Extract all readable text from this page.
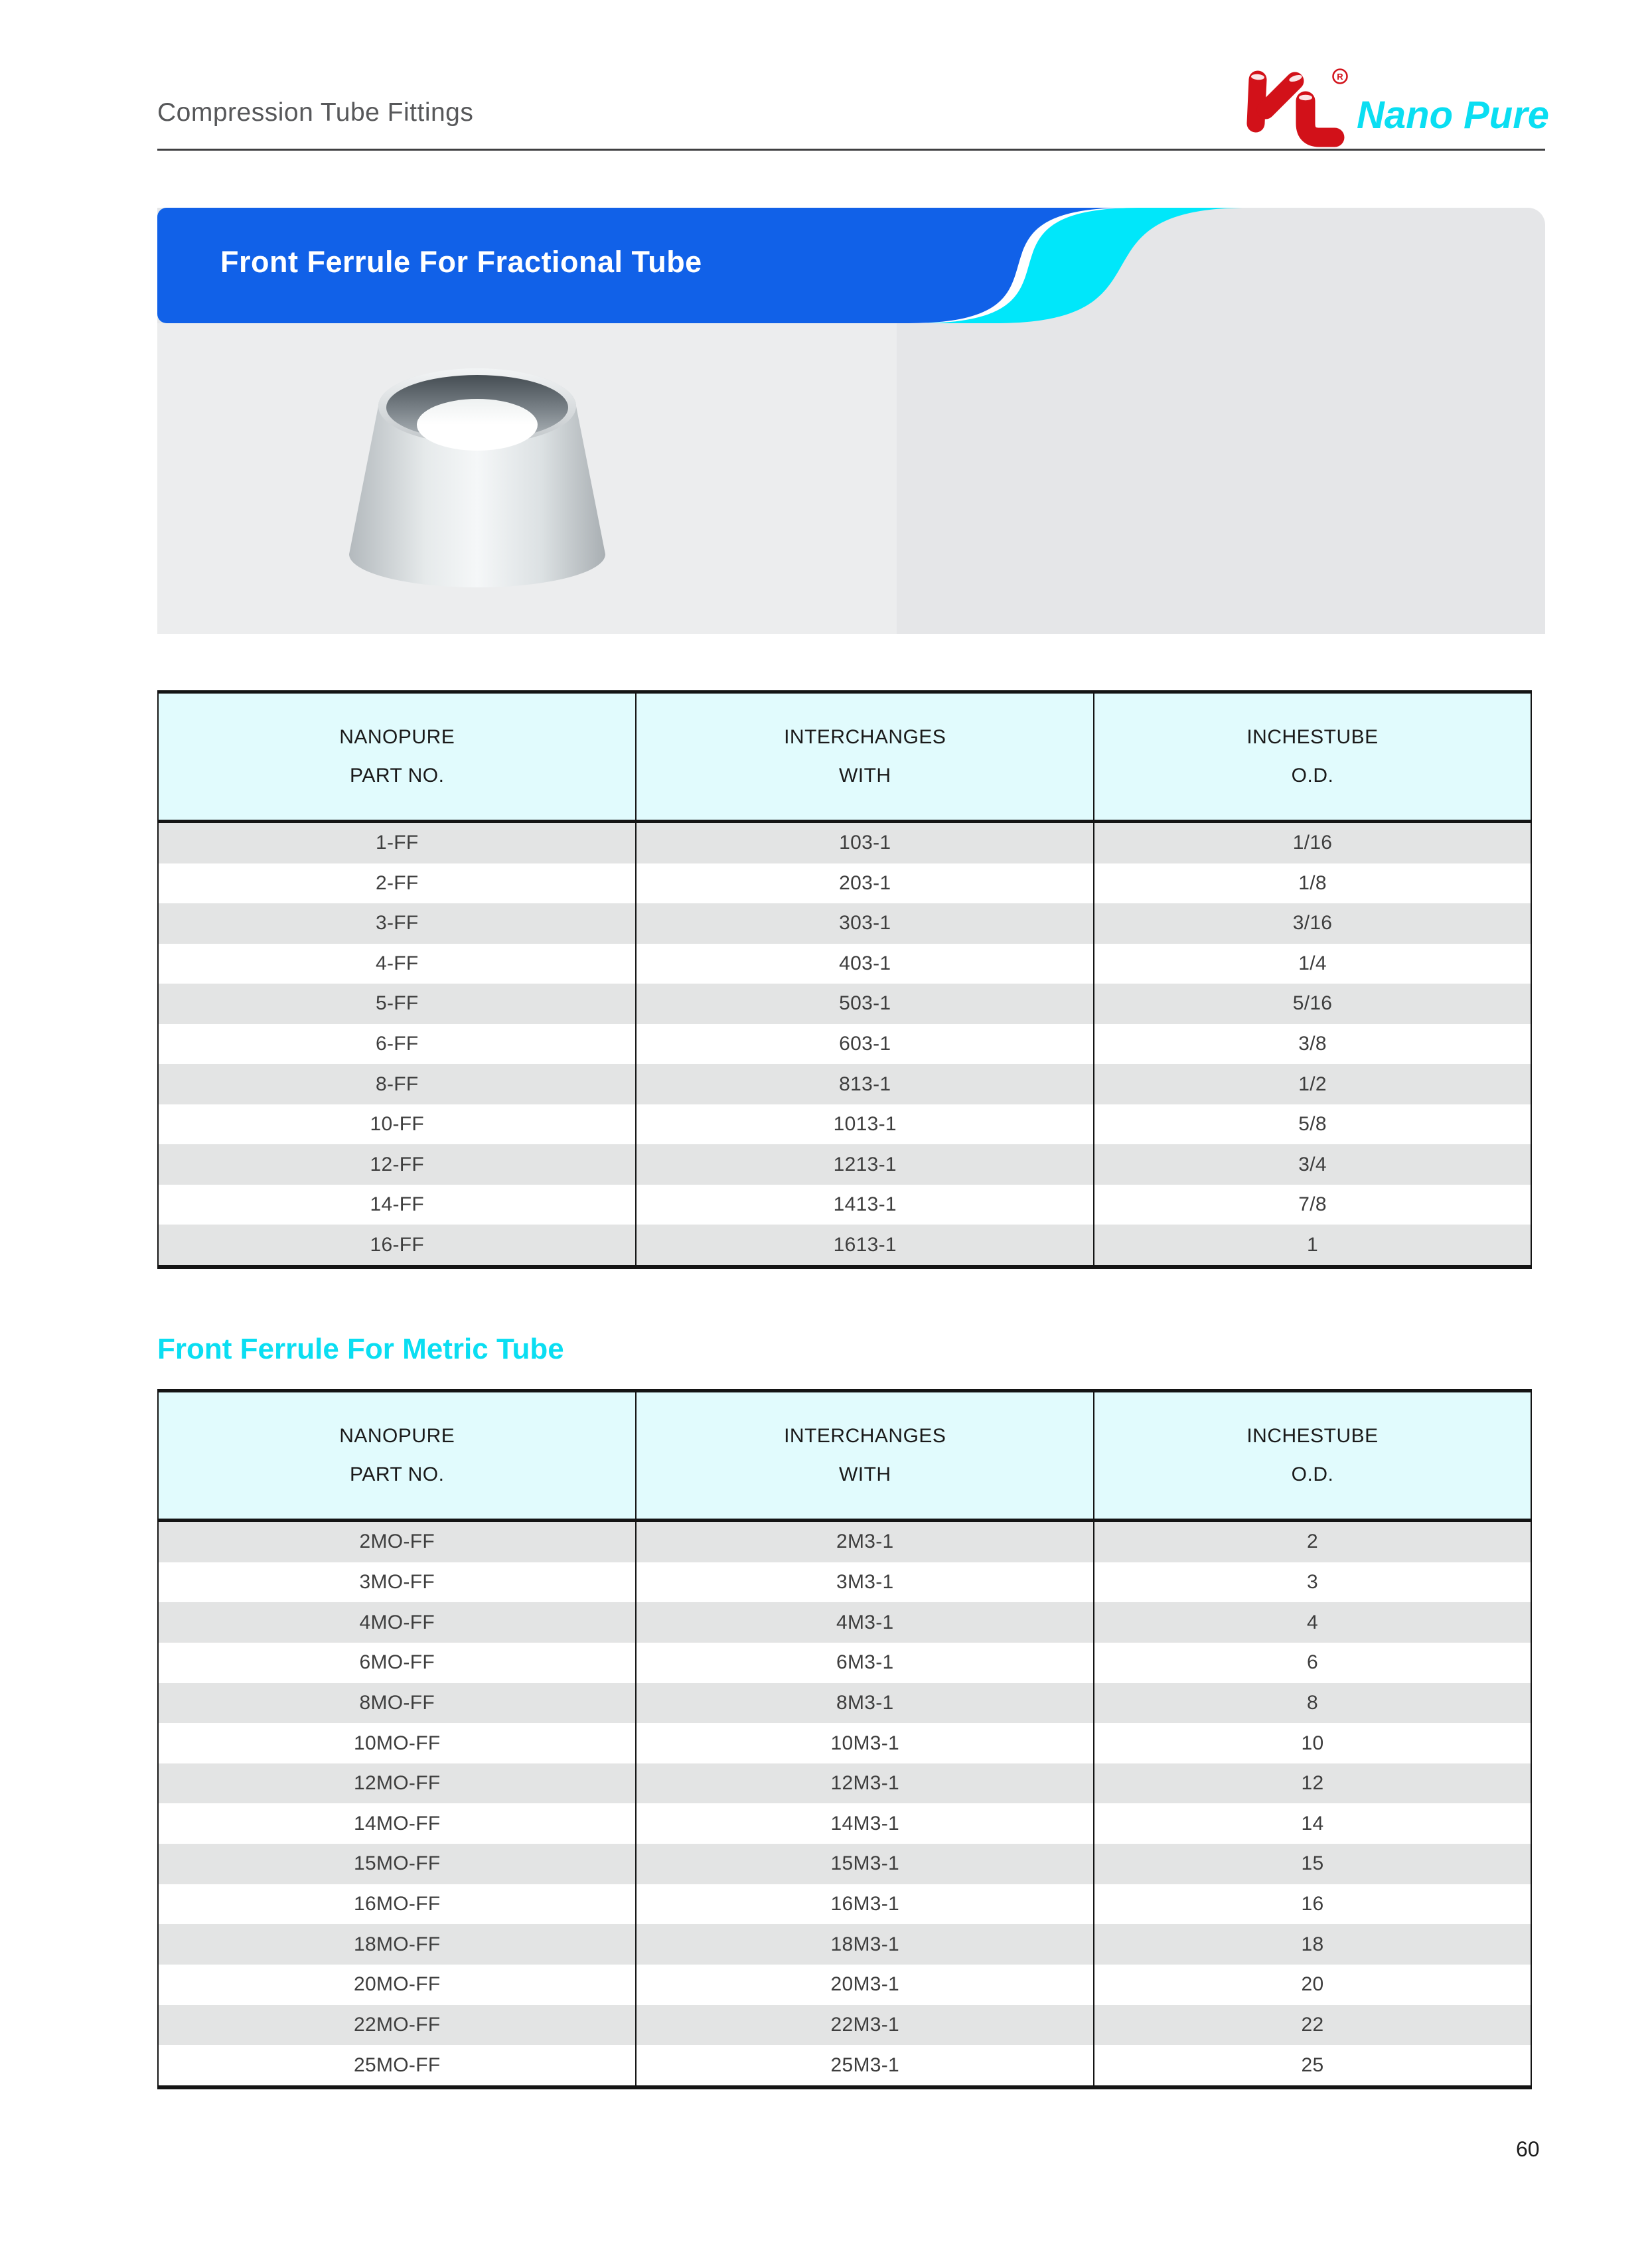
Compression Tube Fittings
R
Nano Pure
Front Ferrule For Fractional Tube
NANOPURE
PART NO.
INTERCHANGES
WITH
INCHESTUBE
O.D.
1-FF	103-1	1/16
2-FF	203-1	1/8
3-FF	303-1	3/16
4-FF	403-1	1/4
5-FF	503-1	5/16
6-FF	603-1	3/8
8-FF	813-1	1/2
10-FF	1013-1	5/8
12-FF	1213-1	3/4
14-FF	1413-1	7/8
16-FF	1613-1	1
Front Ferrule For Metric Tube
NANOPURE
PART NO.
INTERCHANGES
WITH
INCHESTUBE
O.D.
2MO-FF	2M3-1	2
3MO-FF	3M3-1	3
4MO-FF	4M3-1	4
6MO-FF	6M3-1	6
8MO-FF	8M3-1	8
10MO-FF	10M3-1	10
12MO-FF	12M3-1	12
14MO-FF	14M3-1	14
15MO-FF	15M3-1	15
16MO-FF	16M3-1	16
18MO-FF	18M3-1	18
20MO-FF	20M3-1	20
22MO-FF	22M3-1	22
25MO-FF	25M3-1	25
60
